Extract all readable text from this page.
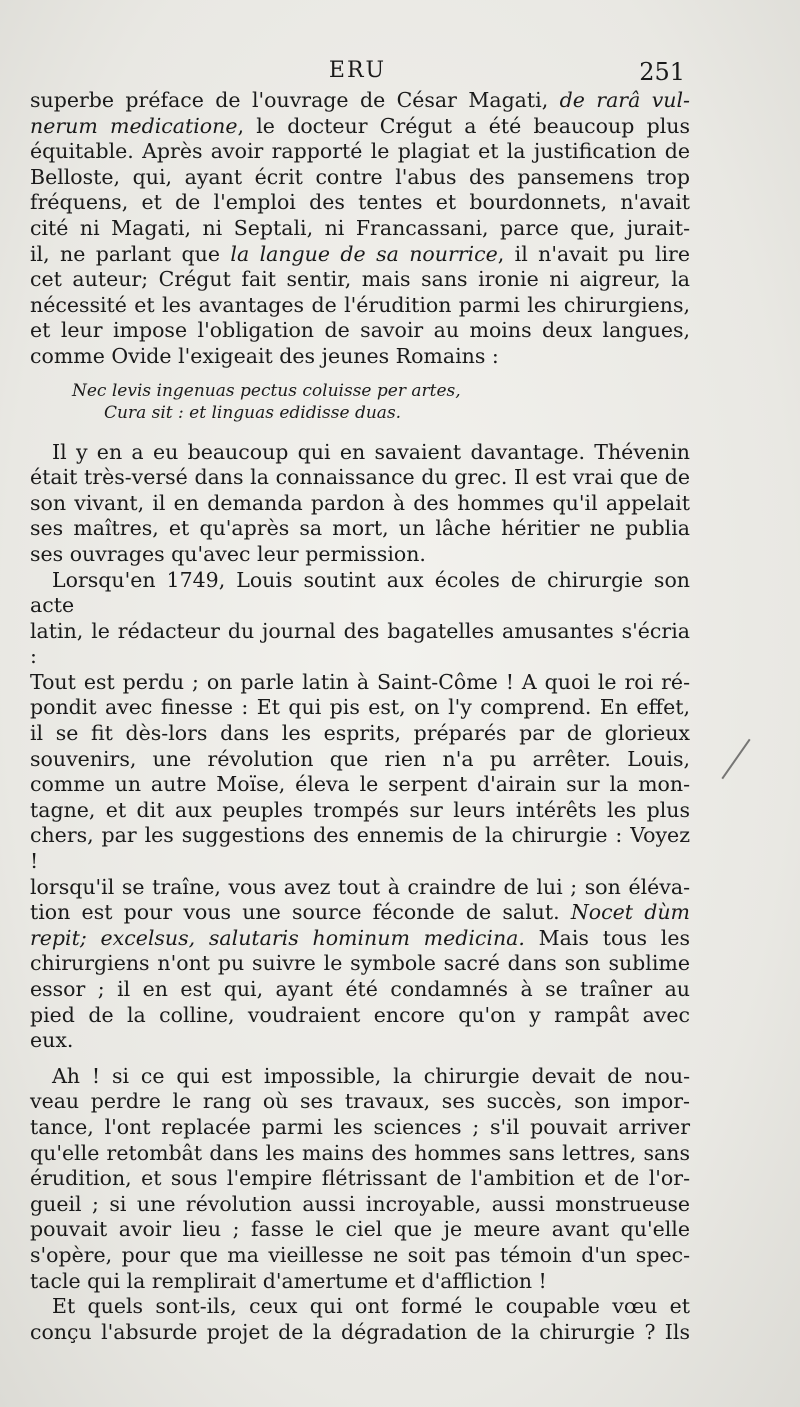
ERU	251

superbe préface de l'ouvrage de César Magati, de rarâ vul-

nerum medicatione, le docteur Crégut a été beaucoup plus

équitable. Après avoir rapporté le plagiat et la justification de

Belloste, qui, ayant écrit contre l'abus des pansemens trop

fréquens, et de l'emploi des tentes et bourdonnets, n'avait

cité ni Magati, ni Septali, ni Francassani, parce que, jurait-

il, ne parlant que la langue de sa nourrice, il n'avait pu lire

cet auteur; Crégut fait sentir, mais sans ironie ni aigreur, la

nécessité et les avantages de l'érudition parmi les chirurgiens,

et leur impose l'obligation de savoir au moins deux langues,

comme Ovide l'exigeait des jeunes Romains :

Nec levis ingenuas pectus coluisse per artes,
Cura sit : et linguas edidisse duas.

Il y en a eu beaucoup qui en savaient davantage. Thévenin

était très-versé dans la connaissance du grec. Il est vrai que de

son vivant, il en demanda pardon à des hommes qu'il appelait

ses maîtres, et qu'après sa mort, un lâche héritier ne publia

ses ouvrages qu'avec leur permission.

Lorsqu'en 1749, Louis soutint aux écoles de chirurgie son acte

latin, le rédacteur du journal des bagatelles amusantes s'écria :

Tout est perdu ; on parle latin à Saint-Côme ! A quoi le roi ré-

pondit avec finesse : Et qui pis est, on l'y comprend. En effet,

il se fit dès-lors dans les esprits, préparés par de glorieux

souvenirs, une révolution que rien n'a pu arrêter. Louis,

comme un autre Moïse, éleva le serpent d'airain sur la mon-

tagne, et dit aux peuples trompés sur leurs intérêts les plus

chers, par les suggestions des ennemis de la chirurgie : Voyez !

lorsqu'il se traîne, vous avez tout à craindre de lui ; son éléva-

tion est pour vous une source féconde de salut. Nocet dùm

repit; excelsus, salutaris hominum medicina. Mais tous les

chirurgiens n'ont pu suivre le symbole sacré dans son sublime

essor ; il en est qui, ayant été condamnés à se traîner au

pied de la colline, voudraient encore qu'on y rampât avec

eux.

Ah ! si ce qui est impossible, la chirurgie devait de nou-

veau perdre le rang où ses travaux, ses succès, son impor-

tance, l'ont replacée parmi les sciences ; s'il pouvait arriver

qu'elle retombât dans les mains des hommes sans lettres, sans

érudition, et sous l'empire flétrissant de l'ambition et de l'or-

gueil ; si une révolution aussi incroyable, aussi monstrueuse

pouvait avoir lieu ; fasse le ciel que je meure avant qu'elle

s'opère, pour que ma vieillesse ne soit pas témoin d'un spec-

tacle qui la remplirait d'amertume et d'affliction !

Et quels sont-ils, ceux qui ont formé le coupable vœu et

conçu l'absurde projet de la dégradation de la chirurgie ? Ils
